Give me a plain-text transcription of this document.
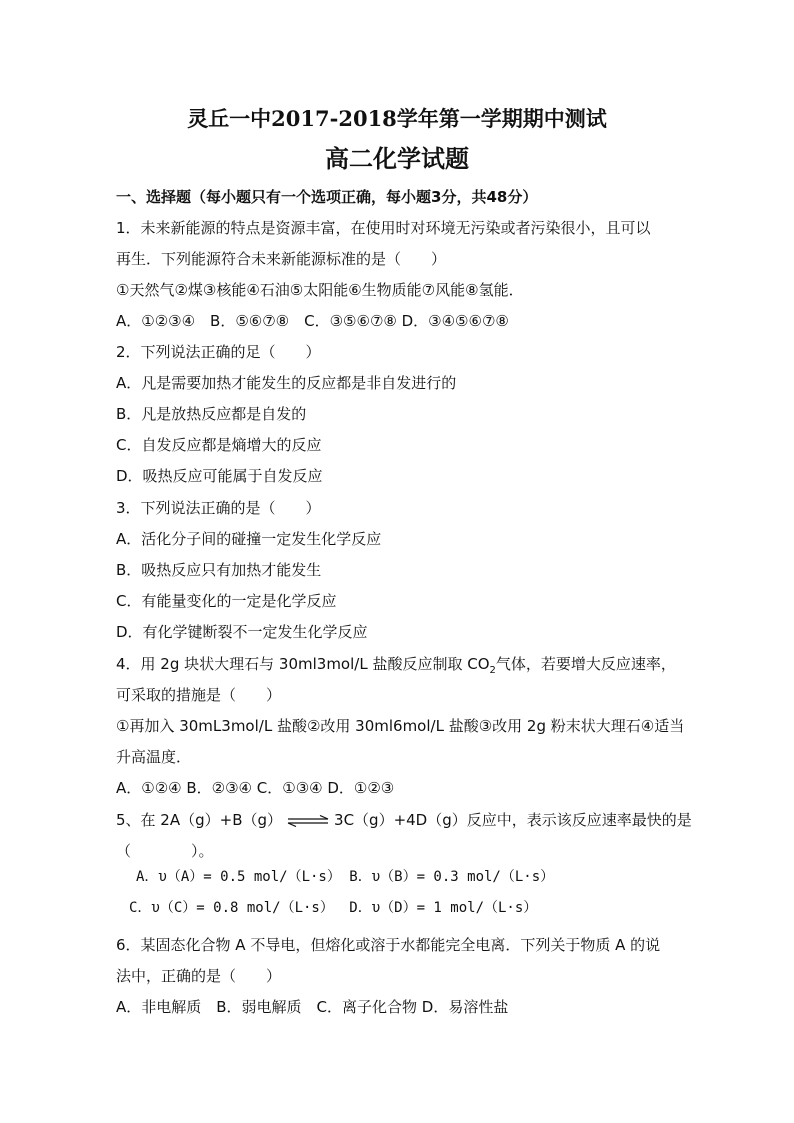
灵丘一中2017-2018学年第一学期期中测试
高二化学试题
一、选择题（每小题只有一个选项正确，每小题3分，共48分）
1．未来新能源的特点是资源丰富，在使用时对环境无污染或者污染很小，且可以
再生．下列能源符合未来新能源标准的是（　　）
①天然气②煤③核能④石油⑤太阳能⑥生物质能⑦风能⑧氢能．
A．①②③④　B．⑤⑥⑦⑧　C．③⑤⑥⑦⑧ D．③④⑤⑥⑦⑧
2．下列说法正确的足（　　）
A．凡是需要加热才能发生的反应都是非自发进行的
B．凡是放热反应都是自发的
C．自发反应都是熵增大的反应
D．吸热反应可能属于自发反应
3．下列说法正确的是（　　）
A．活化分子间的碰撞一定发生化学反应
B．吸热反应只有加热才能发生
C．有能量变化的一定是化学反应
D．有化学键断裂不一定发生化学反应
4．用 2g 块状大理石与 30ml3mol/L 盐酸反应制取 $CO_2$气体，若要增大反应速率，
可采取的措施是（　　）
①再加入 30mL3mol/L 盐酸②改用 30ml6mol/L 盐酸③改用 2g 粉末状大理石④适当
升高温度．
A．①②④ B．②③④ C．①③④ D．①②③
5、在 2A（g）+B（g） ⇌ 3C（g）+4D（g）反应中，表示该反应速率最快的是
（　　　　）。
A．υ（A）= 0.5 mol/（L·s） B．υ（B）= 0.3 mol/（L·s）
C．υ（C）= 0.8 mol/（L·s）　 D．υ（D）= 1 mol/（L·s）
6．某固态化合物 A 不导电，但熔化或溶于水都能完全电离．下列关于物质 A 的说
法中，正确的是（　　）
A．非电解质　B．弱电解质　C．离子化合物 D．易溶性盐
